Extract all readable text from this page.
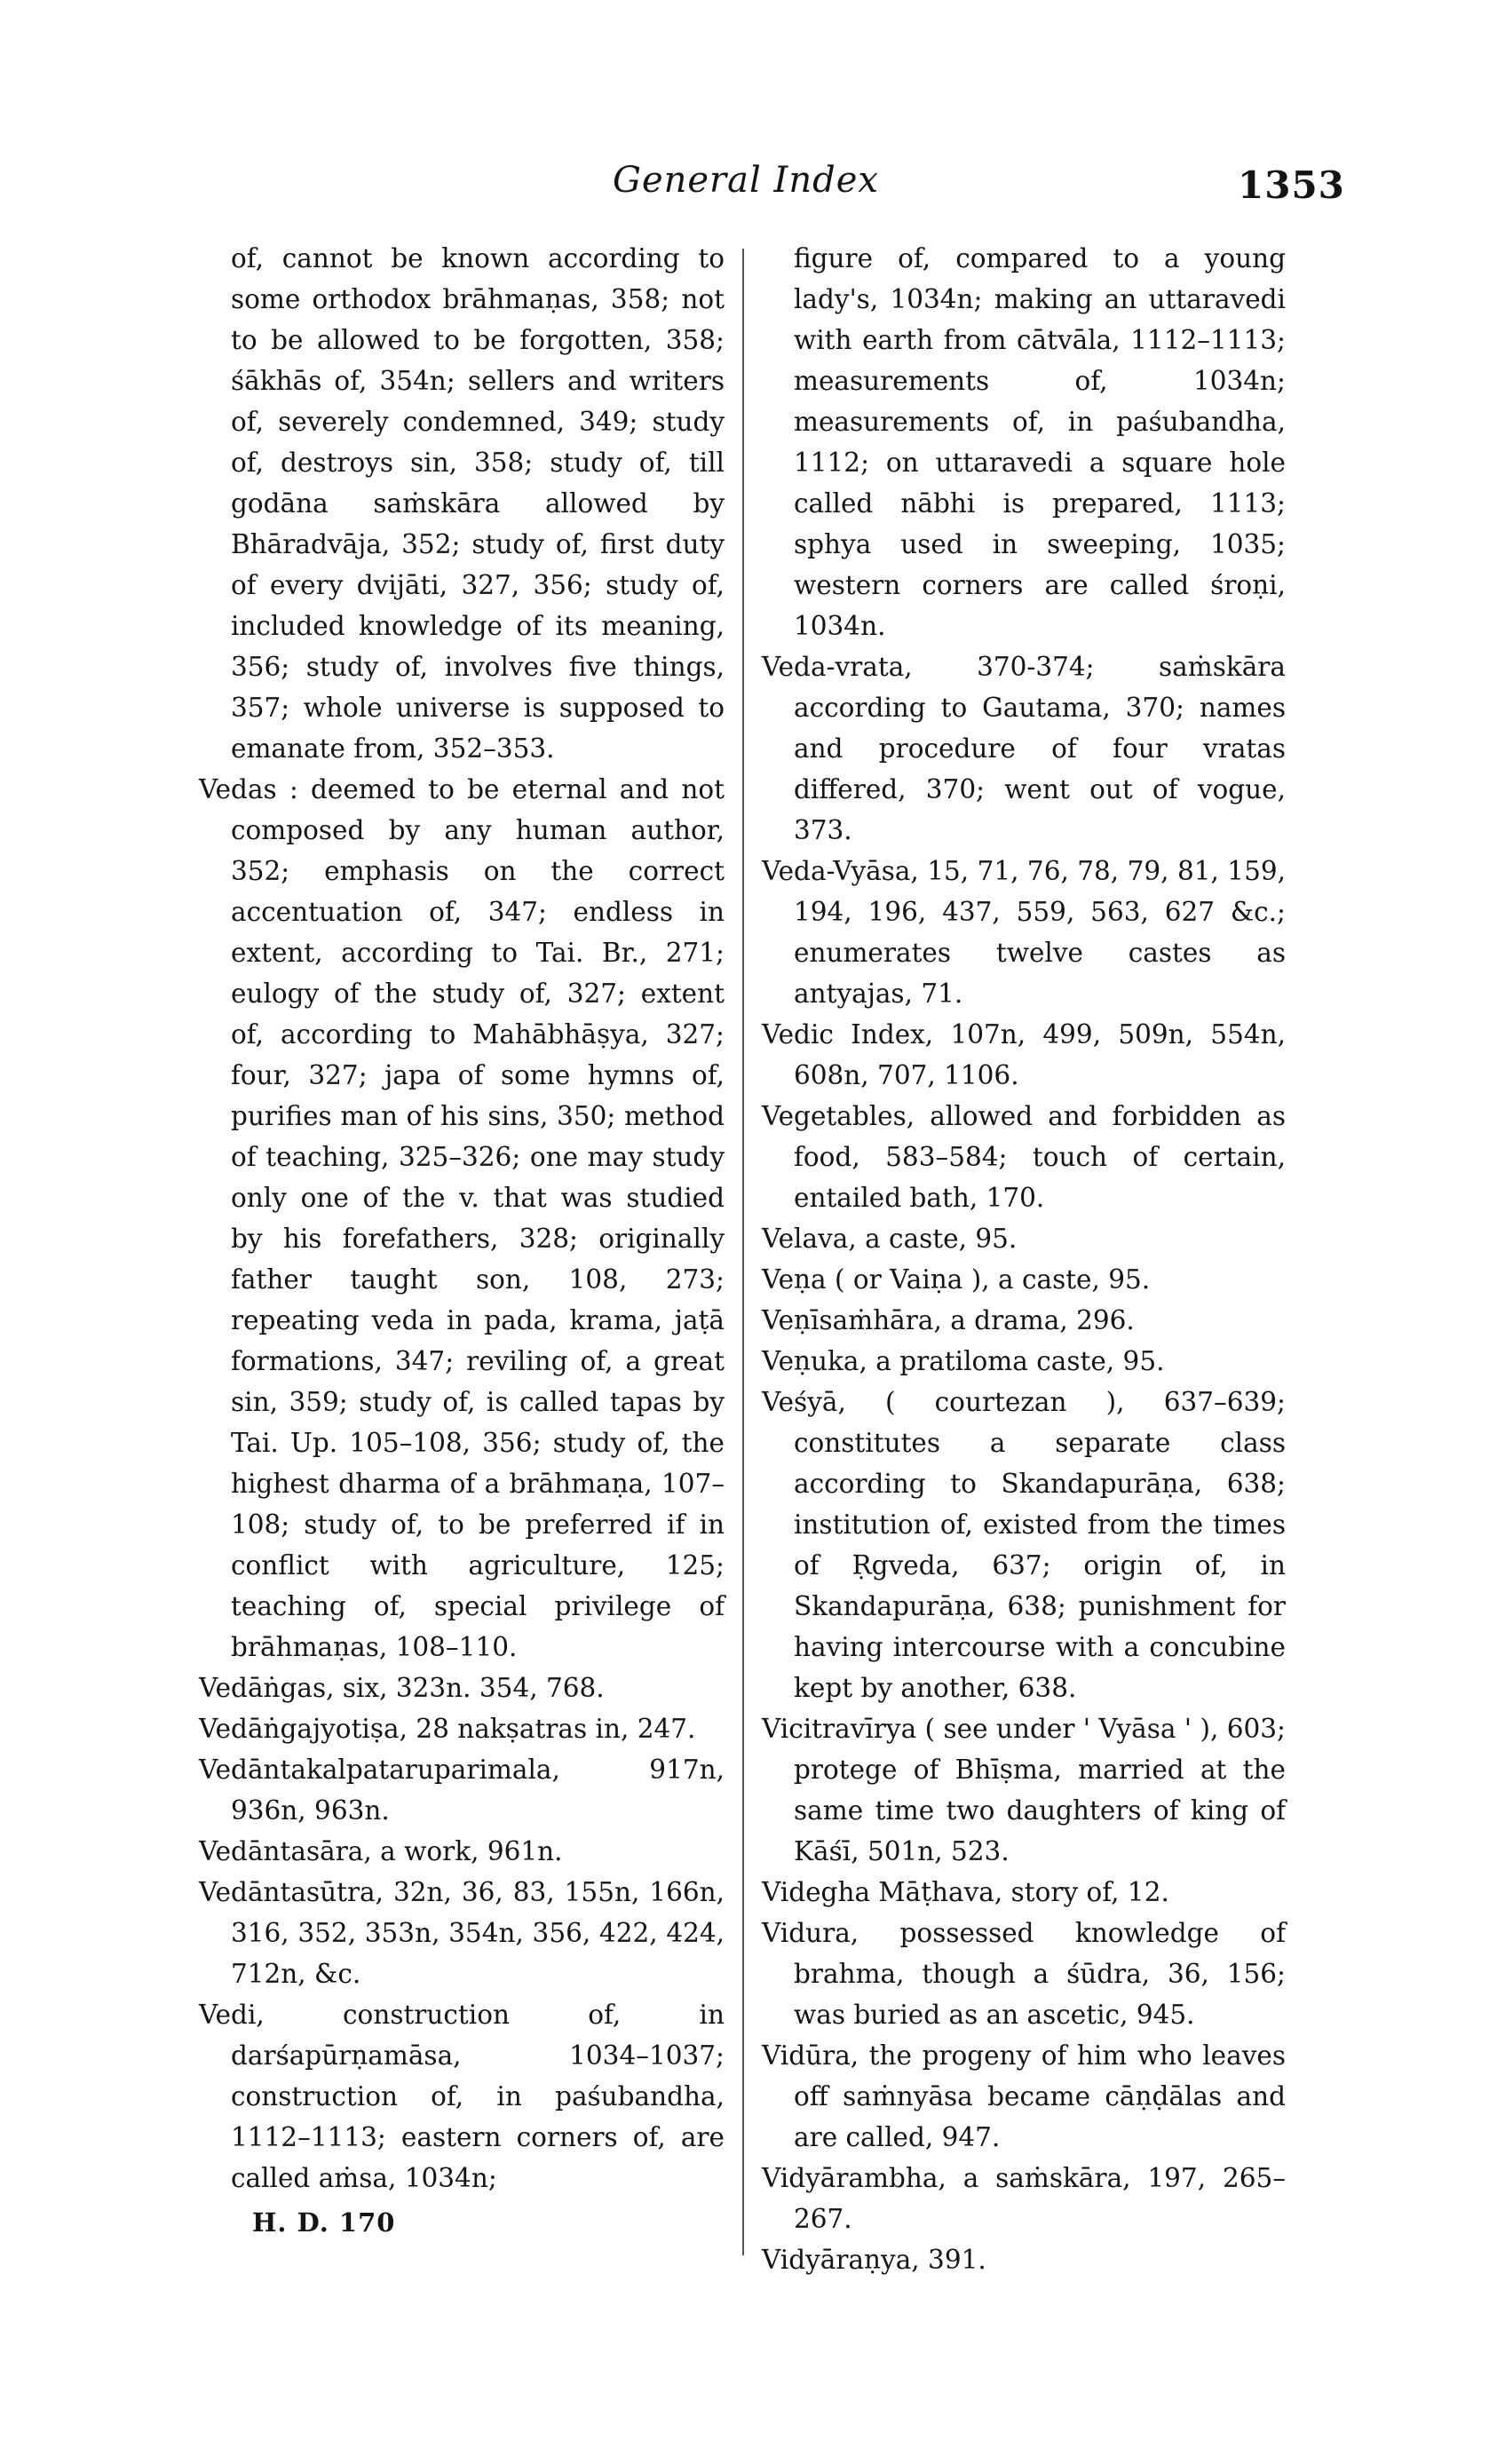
General Index	1353

of, cannot be known according to some orthodox brāhmaṇas, 358; not to be allowed to be forgotten, 358; śākhās of, 354n; sellers and writers of, severely condemned, 349; study of, destroys sin, 358; study of, till godāna saṁskāra allowed by Bhāradvāja, 352; study of, first duty of every dvijāti, 327, 356; study of, included knowledge of its meaning, 356; study of, involves five things, 357; whole universe is supposed to emanate from, 352–353.

Vedas : deemed to be eternal and not composed by any human author, 352; emphasis on the correct accentuation of, 347; endless in extent, according to Tai. Br., 271; eulogy of the study of, 327; extent of, according to Mahābhāṣya, 327; four, 327; japa of some hymns of, purifies man of his sins, 350; method of teaching, 325–326; one may study only one of the v. that was studied by his forefathers, 328; originally father taught son, 108, 273; repeating veda in pada, krama, jaṭā formations, 347; reviling of, a great sin, 359; study of, is called tapas by Tai. Up. 105–108, 356; study of, the highest dharma of a brāhmaṇa, 107–108; study of, to be preferred if in conflict with agriculture, 125; teaching of, special privilege of brāhmaṇas, 108–110.

Vedāṅgas, six, 323n. 354, 768.

Vedāṅgajyotiṣa, 28 nakṣatras in, 247.

Vedāntakalpataruparimala, 917n, 936n, 963n.

Vedāntasāra, a work, 961n.

Vedāntasūtra, 32n, 36, 83, 155n, 166n, 316, 352, 353n, 354n, 356, 422, 424, 712n, &c.

Vedi, construction of, in darśapūrṇamāsa, 1034–1037; construction of, in paśubandha, 1112–1113; eastern corners of, are called aṁsa, 1034n;

H. D. 170

figure of, compared to a young lady's, 1034n; making an uttaravedi with earth from cātvāla, 1112–1113; measurements of, 1034n; measurements of, in paśubandha, 1112; on uttaravedi a square hole called nābhi is prepared, 1113; sphya used in sweeping, 1035; western corners are called śroṇi, 1034n.

Veda-vrata, 370-374; saṁskāra according to Gautama, 370; names and procedure of four vratas differed, 370; went out of vogue, 373.

Veda-Vyāsa, 15, 71, 76, 78, 79, 81, 159, 194, 196, 437, 559, 563, 627 &c.; enumerates twelve castes as antyajas, 71.

Vedic Index, 107n, 499, 509n, 554n, 608n, 707, 1106.

Vegetables, allowed and forbidden as food, 583–584; touch of certain, entailed bath, 170.

Velava, a caste, 95.

Veṇa ( or Vaiṇa ), a caste, 95.

Veṇīsaṁhāra, a drama, 296.

Veṇuka, a pratiloma caste, 95.

Veśyā, ( courtezan ), 637–639; constitutes a separate class according to Skandapurāṇa, 638; institution of, existed from the times of Ṛgveda, 637; origin of, in Skandapurāṇa, 638; punishment for having intercourse with a concubine kept by another, 638.

Vicitravīrya ( see under ' Vyāsa ' ), 603; protege of Bhīṣma, married at the same time two daughters of king of Kāśī, 501n, 523.

Videgha Māṭhava, story of, 12.

Vidura, possessed knowledge of brahma, though a śūdra, 36, 156; was buried as an ascetic, 945.

Vidūra, the progeny of him who leaves off saṁnyāsa became cāṇḍālas and are called, 947.

Vidyārambha, a saṁskāra, 197, 265–267.

Vidyāraṇya, 391.
